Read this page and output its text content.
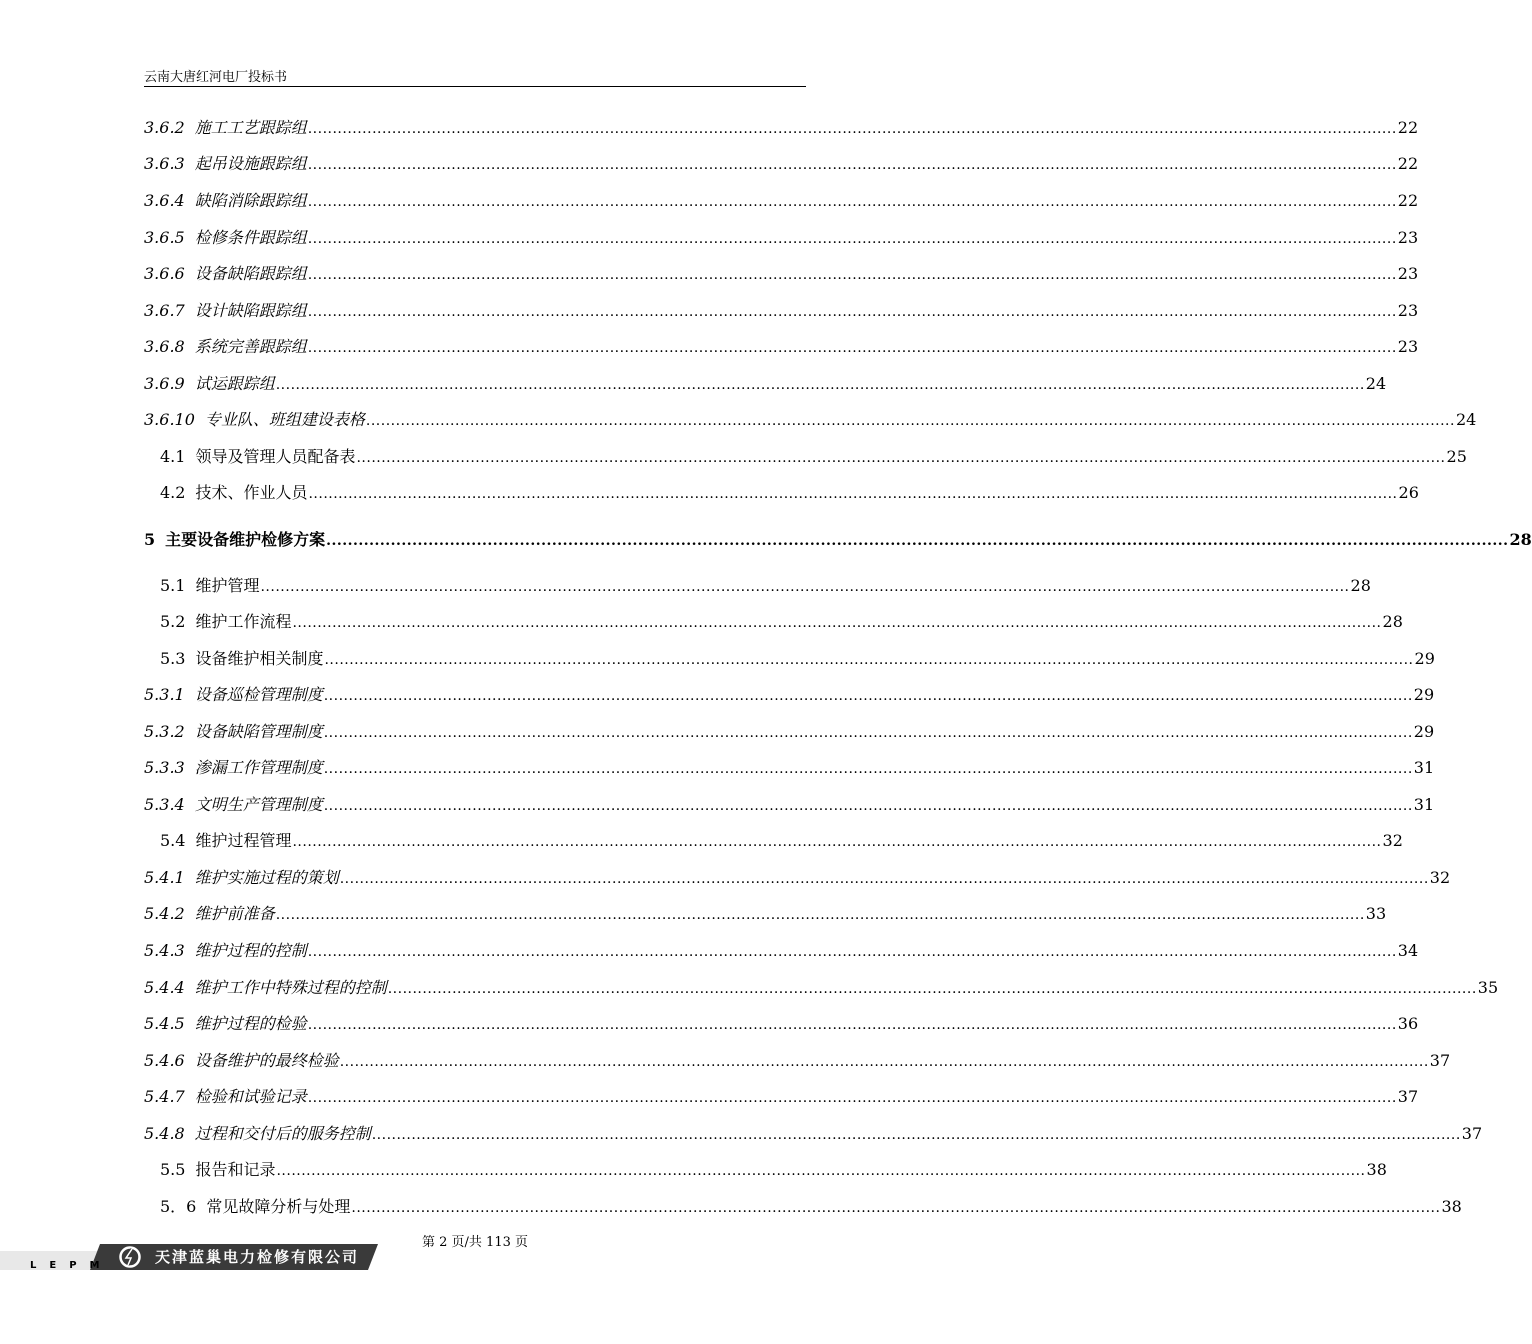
云南大唐红河电厂投标书
3.6.2 施工工艺跟踪组 ............................................................................................................................................................................................................................ 22
3.6.3 起吊设施跟踪组 ............................................................................................................................................................................................................................ 22
3.6.4 缺陷消除跟踪组 ............................................................................................................................................................................................................................ 22
3.6.5 检修条件跟踪组 ............................................................................................................................................................................................................................ 23
3.6.6 设备缺陷跟踪组 ............................................................................................................................................................................................................................ 23
3.6.7 设计缺陷跟踪组 ............................................................................................................................................................................................................................ 23
3.6.8 系统完善跟踪组 ............................................................................................................................................................................................................................ 23
3.6.9 试运跟踪组 ............................................................................................................................................................................................................................ 24
3.6.10 专业队、班组建设表格 ............................................................................................................................................................................................................................ 24
4.1 领导及管理人员配备表 ............................................................................................................................................................................................................................ 25
4.2 技术、作业人员 ............................................................................................................................................................................................................................ 26
5 主要设备维护检修方案 ............................................................................................................................................................................................................................ 28
5.1 维护管理 ............................................................................................................................................................................................................................ 28
5.2 维护工作流程 ............................................................................................................................................................................................................................ 28
5.3 设备维护相关制度 ............................................................................................................................................................................................................................ 29
5.3.1 设备巡检管理制度 ............................................................................................................................................................................................................................ 29
5.3.2 设备缺陷管理制度 ............................................................................................................................................................................................................................ 29
5.3.3 渗漏工作管理制度 ............................................................................................................................................................................................................................ 31
5.3.4 文明生产管理制度 ............................................................................................................................................................................................................................ 31
5.4 维护过程管理 ............................................................................................................................................................................................................................ 32
5.4.1 维护实施过程的策划 ............................................................................................................................................................................................................................ 32
5.4.2 维护前准备 ............................................................................................................................................................................................................................ 33
5.4.3 维护过程的控制 ............................................................................................................................................................................................................................ 34
5.4.4 维护工作中特殊过程的控制 ............................................................................................................................................................................................................................ 35
5.4.5 维护过程的检验 ............................................................................................................................................................................................................................ 36
5.4.6 设备维护的最终检验 ............................................................................................................................................................................................................................ 37
5.4.7 检验和试验记录 ............................................................................................................................................................................................................................ 37
5.4.8 过程和交付后的服务控制 ............................................................................................................................................................................................................................ 37
5.5 报告和记录 ............................................................................................................................................................................................................................ 38
5．6 常见故障分析与处理 ............................................................................................................................................................................................................................ 38
第 2 页/共 113 页
LEPM	天津蓝巢电力检修有限公司
